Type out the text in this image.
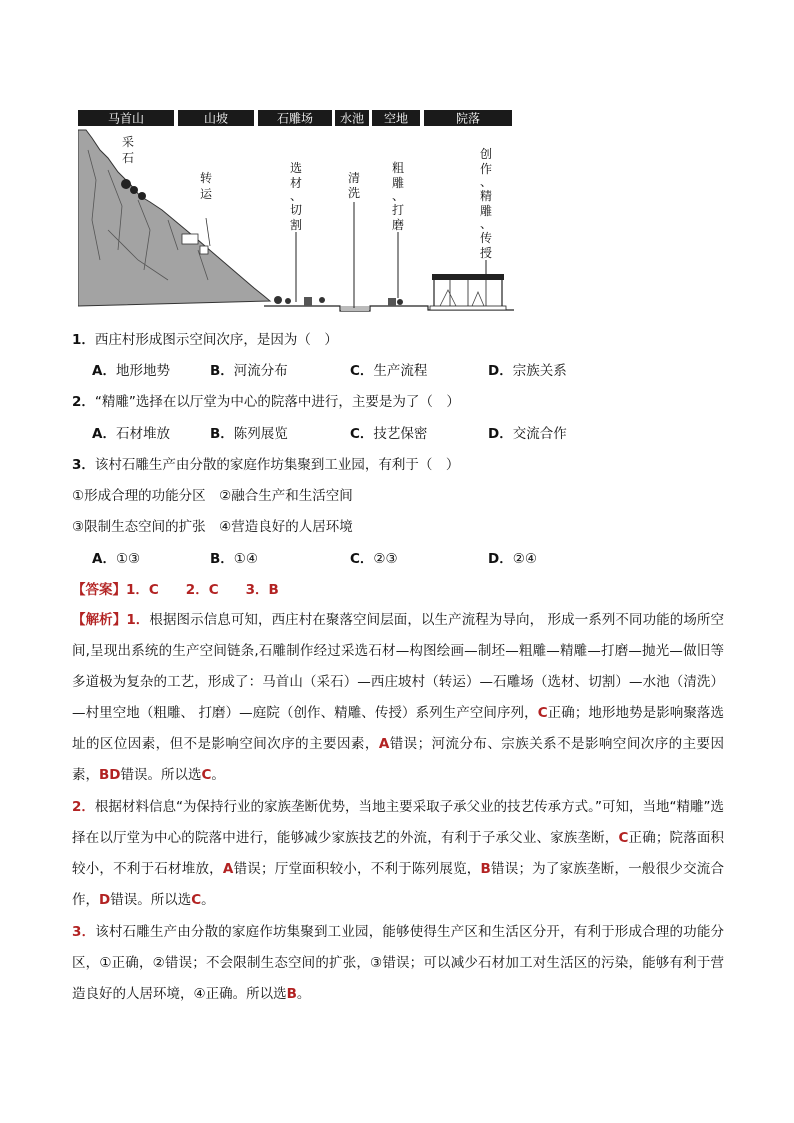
马首山	山坡	石雕场 水池 空地	院落
采
石
转
运
选
材
、
切
割
清
洗
粗
雕
、
打
磨
创
作
、
精
雕
、
传
授
1．西庄村形成图示空间次序，是因为（　）
A．地形地势	B．河流分布	C．生产流程	D．宗族关系
2．“精雕”选择在以厅堂为中心的院落中进行，主要是为了（　）
A．石材堆放	B．陈列展览	C．技艺保密	D．交流合作
3．该村石雕生产由分散的家庭作坊集聚到工业园，有利于（　）
①形成合理的功能分区　②融合生产和生活空间
③限制生态空间的扩张　④营造良好的人居环境
A．①③	B．①④	C．②③	D．②④
【答案】1．C　　2．C　　3．B
【解析】1．根据图示信息可知，西庄村在聚落空间层面，以生产流程为导向， 形成一系列不同功能的场所空间,呈现出系统的生产空间链条,石雕制作经过采选石材—构图绘画—制坯—粗雕—精雕—打磨—抛光—做旧等多道极为复杂的工艺，形成了：马首山（采石）—西庄坡村（转运）—石雕场（选材、切割）—水池（清洗）—村里空地（粗雕、 打磨）—庭院（创作、精雕、传授）系列生产空间序列，C正确；地形地势是影响聚落选址的区位因素，但不是影响空间次序的主要因素，A错误；河流分布、宗族关系不是影响空间次序的主要因素，BD错误。所以选C。
2．根据材料信息“为保持行业的家族垄断优势，当地主要采取子承父业的技艺传承方式。”可知，当地“精雕”选择在以厅堂为中心的院落中进行，能够减少家族技艺的外流，有利于子承父业、家族垄断，C正确；院落面积较小，不利于石材堆放，A错误；厅堂面积较小，不利于陈列展览，B错误；为了家族垄断，一般很少交流合作，D错误。所以选C。
3．该村石雕生产由分散的家庭作坊集聚到工业园，能够使得生产区和生活区分开，有利于形成合理的功能分区，①正确，②错误；不会限制生态空间的扩张，③错误；可以减少石材加工对生活区的污染，能够有利于营造良好的人居环境，④正确。所以选B。
